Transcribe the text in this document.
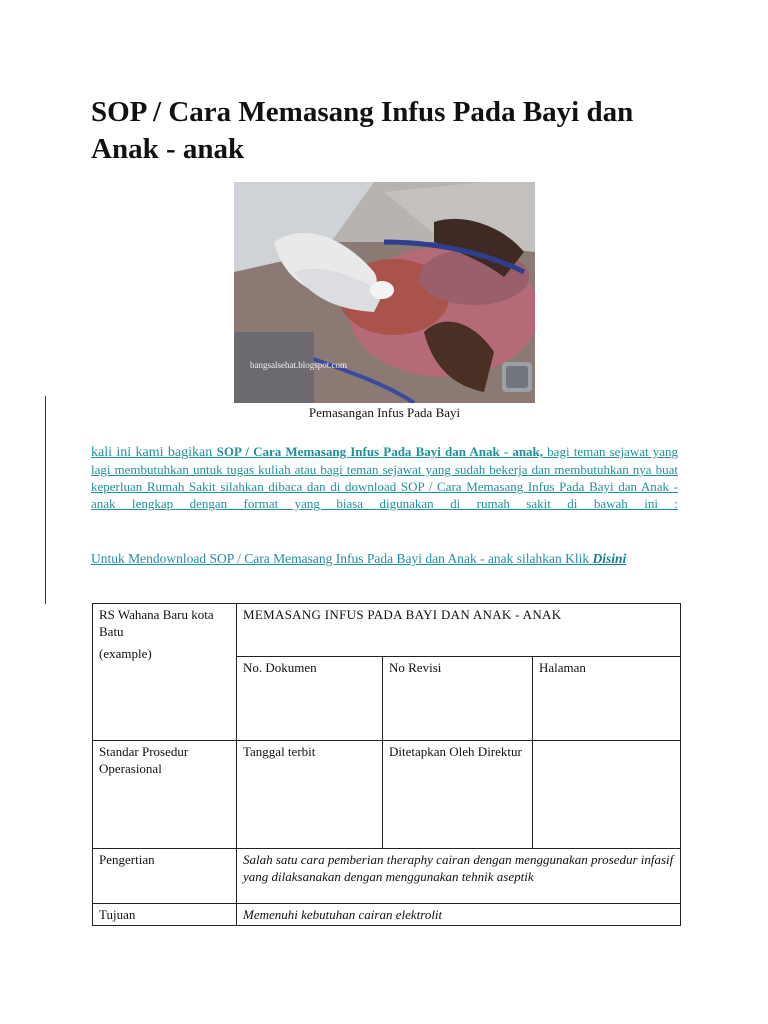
SOP / Cara Memasang Infus Pada Bayi dan Anak - anak
bangsalsehat.blogspot.com
Pemasangan Infus Pada Bayi
kali ini kami bagikan SOP / Cara Memasang Infus Pada Bayi dan Anak - anak, bagi teman sejawat yang lagi membutuhkan untuk tugas kuliah atau bagi teman sejawat yang sudah bekerja dan membutuhkan nya buat keperluan Rumah Sakit silahkan dibaca dan di download SOP / Cara Memasang Infus Pada Bayi dan Anak - anak lengkap dengan format yang biasa digunakan di rumah sakit di bawah ini :
Untuk Mendownload SOP / Cara Memasang Infus Pada Bayi dan Anak - anak silahkan Klik Disini
RS Wahana Baru kota Batu
(example)	MEMASANG INFUS PADA BAYI DAN ANAK - ANAK		
	No. Dokumen	No Revisi	Halaman
Standar Prosedur Operasional	Tanggal terbit	Ditetapkan Oleh Direktur	
Pengertian	Salah satu cara pemberian theraphy cairan dengan menggunakan prosedur infasif yang dilaksanakan dengan menggunakan tehnik aseptik		
Tujuan	Memenuhi kebutuhan cairan elektrolit		
